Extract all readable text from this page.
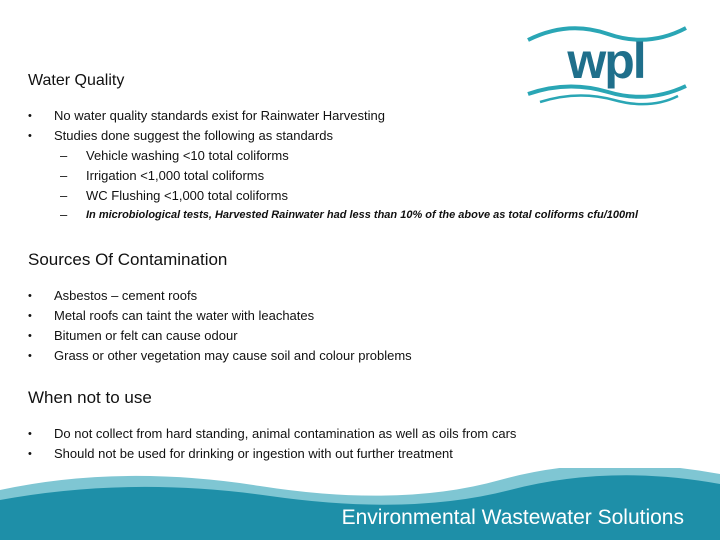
wpl
Water Quality
• No water quality standards exist for Rainwater Harvesting
• Studies done suggest the following as standards
– Vehicle washing <10 total coliforms
– Irrigation <1,000 total coliforms
– WC Flushing <1,000 total coliforms
– In microbiological tests, Harvested Rainwater had less than 10% of the above as total coliforms cfu/100ml
Sources Of Contamination
• Asbestos – cement roofs
• Metal roofs can taint the water with leachates
• Bitumen or felt can cause odour
• Grass or other vegetation may cause soil and colour problems
When not to use
• Do not collect from hard standing, animal contamination as well as oils from cars
• Should not be used for drinking or ingestion with out further treatment
Environmental Wastewater Solutions
